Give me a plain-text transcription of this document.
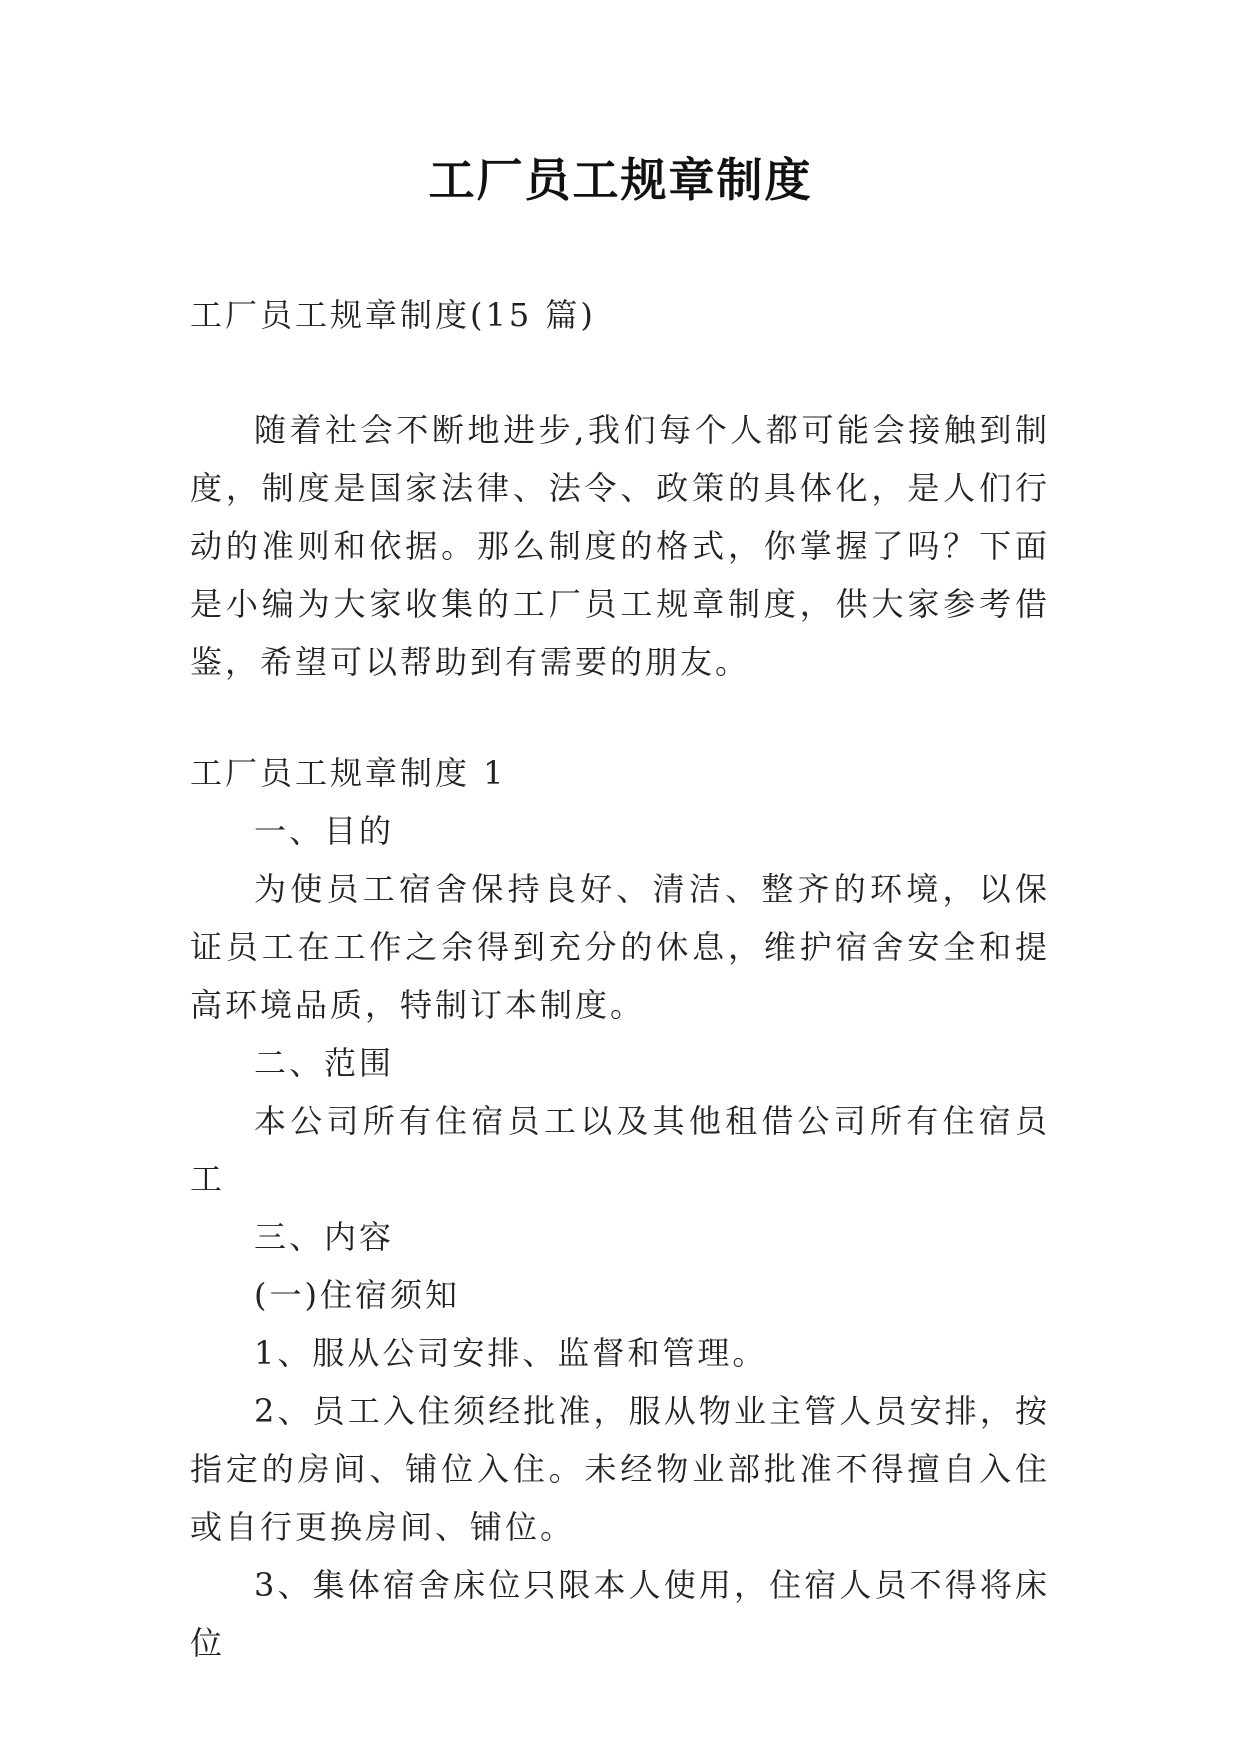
工厂员工规章制度
工厂员工规章制度(15 篇)

随着社会不断地进步,我们每个人都可能会接触到制度，制度是国家法律、法令、政策的具体化，是人们行动的准则和依据。那么制度的格式，你掌握了吗？下面是小编为大家收集的工厂员工规章制度，供大家参考借鉴，希望可以帮助到有需要的朋友。

工厂员工规章制度 1

一、目的

为使员工宿舍保持良好、清洁、整齐的环境，以保证员工在工作之余得到充分的休息，维护宿舍安全和提高环境品质，特制订本制度。

二、范围

本公司所有住宿员工以及其他租借公司所有住宿员工

三、内容

(一)住宿须知

1、服从公司安排、监督和管理。

2、员工入住须经批准，服从物业主管人员安排，按指定的房间、铺位入住。未经物业部批准不得擅自入住或自行更换房间、铺位。

3、集体宿舍床位只限本人使用，住宿人员不得将床位
